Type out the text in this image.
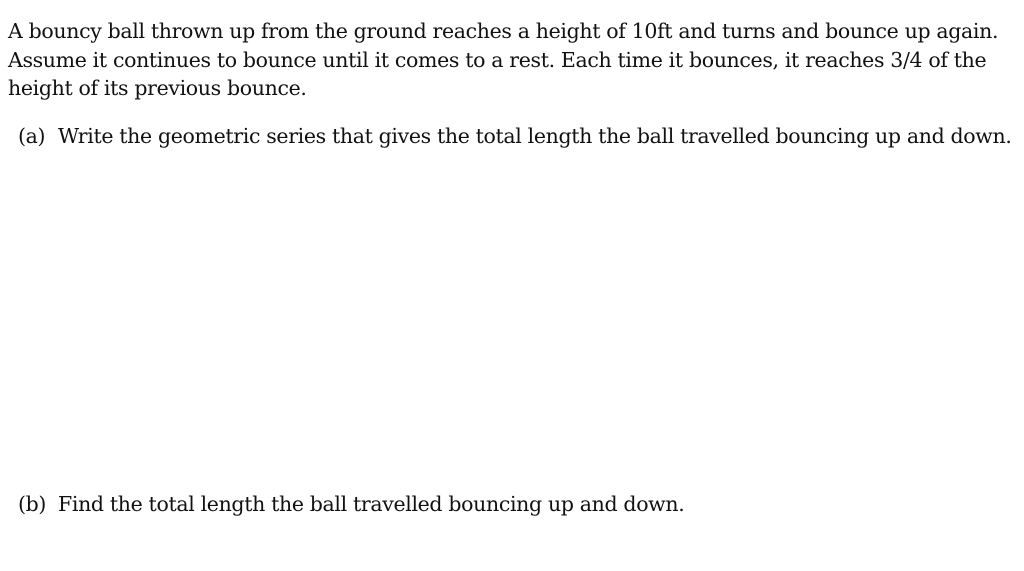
A bouncy ball thrown up from the ground reaches a height of 10ft and turns and bounce up again.
Assume it continues to bounce until it comes to a rest. Each time it bounces, it reaches 3/4 of the
height of its previous bounce.

(a) Write the geometric series that gives the total length the ball travelled bouncing up and down.

(b) Find the total length the ball travelled bouncing up and down.
